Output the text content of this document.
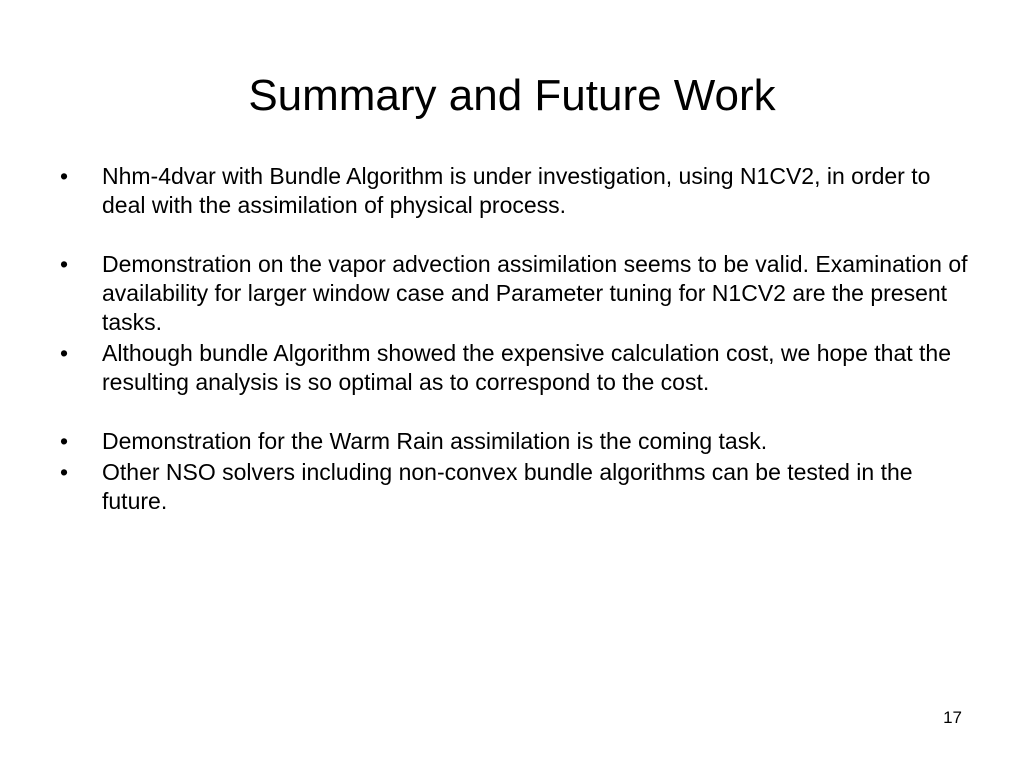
Summary and Future Work
•	Nhm-4dvar with Bundle Algorithm is under investigation, using N1CV2, in order to deal with the assimilation of physical process.
•	Demonstration on the vapor advection assimilation seems to be valid. Examination of availability for larger window case and Parameter tuning for N1CV2 are the present tasks.
•	Although bundle Algorithm showed the expensive calculation cost, we hope that the resulting analysis is so optimal as to correspond to the cost.
•	Demonstration for the Warm Rain assimilation is the coming task.
•	Other NSO solvers including non-convex bundle algorithms can be tested in the future.
17
